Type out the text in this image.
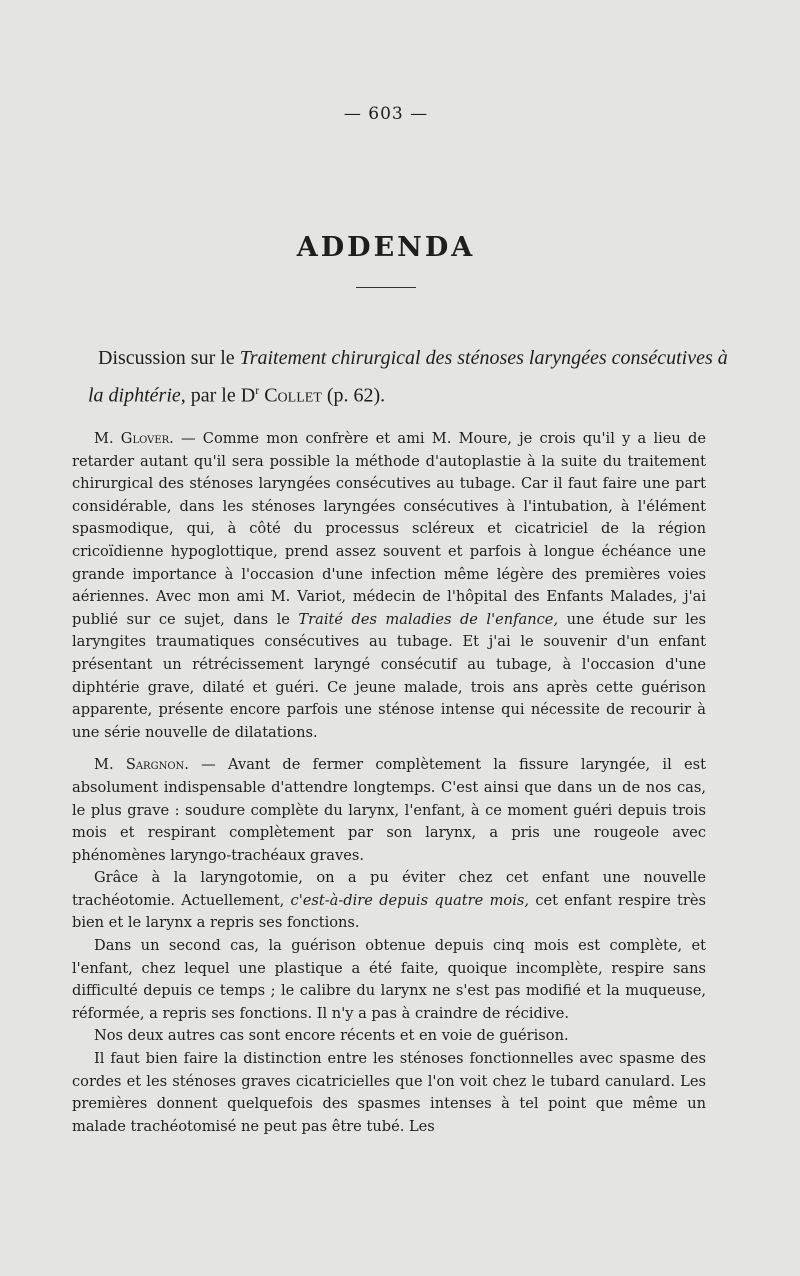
— 603 —
ADDENDA
Discussion sur le Traitement chirurgical des sténoses laryngées consécutives à la diphtérie, par le $D^r$ Collet (p. 62).

M. Glover. — Comme mon confrère et ami M. Moure, je crois qu'il y a lieu de retarder autant qu'il sera possible la méthode d'autoplastie à la suite du traitement chirurgical des sténoses laryngées consécutives au tubage. Car il faut faire une part considérable, dans les sténoses laryngées consécutives à l'intubation, à l'élément spasmodique, qui, à côté du processus scléreux et cicatriciel de la région cricoïdienne hypoglottique, prend assez souvent et parfois à longue échéance une grande importance à l'occasion d'une infection même légère des premières voies aériennes. Avec mon ami M. Variot, médecin de l'hôpital des Enfants Malades, j'ai publié sur ce sujet, dans le Traité des maladies de l'enfance, une étude sur les laryngites traumatiques consécutives au tubage. Et j'ai le souvenir d'un enfant présentant un rétrécissement laryngé consécutif au tubage, à l'occasion d'une diphtérie grave, dilaté et guéri. Ce jeune malade, trois ans après cette guérison apparente, présente encore parfois une sténose intense qui nécessite de recourir à une série nouvelle de dilatations.

M. Sargnon. — Avant de fermer complètement la fissure laryngée, il est absolument indispensable d'attendre longtemps. C'est ainsi que dans un de nos cas, le plus grave : soudure complète du larynx, l'enfant, à ce moment guéri depuis trois mois et respirant complètement par son larynx, a pris une rougeole avec phénomènes laryngo-trachéaux graves.

Grâce à la laryngotomie, on a pu éviter chez cet enfant une nouvelle trachéotomie. Actuellement, c'est-à-dire depuis quatre mois, cet enfant respire très bien et le larynx a repris ses fonctions.

Dans un second cas, la guérison obtenue depuis cinq mois est complète, et l'enfant, chez lequel une plastique a été faite, quoique incomplète, respire sans difficulté depuis ce temps ; le calibre du larynx ne s'est pas modifié et la muqueuse, réformée, a repris ses fonctions. Il n'y a pas à craindre de récidive.

Nos deux autres cas sont encore récents et en voie de guérison.

Il faut bien faire la distinction entre les sténoses fonctionnelles avec spasme des cordes et les sténoses graves cicatricielles que l'on voit chez le tubard canulard. Les premières donnent quelquefois des spasmes intenses à tel point que même un malade trachéotomisé ne peut pas être tubé. Les
